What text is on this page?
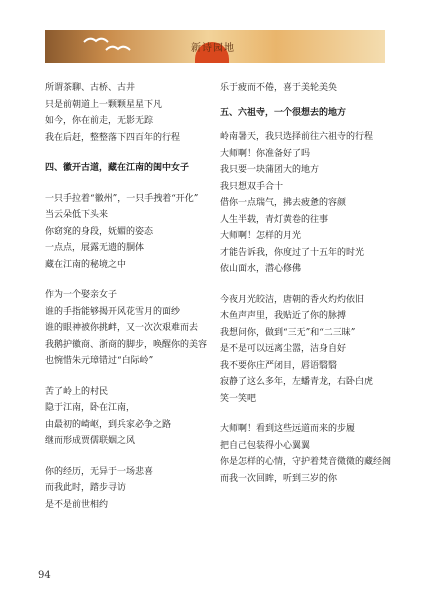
新诗园地
所谓茶聊、古桥、古井
只是前朝道上一颗颗星星下凡
如今，你在前走，无影无踪
我在后赶，整整落下四百年的行程
四、徽开古道，藏在江南的闺中女子
一只手拉着“徽州”，一只手拽着“开化”
当云朵低下头来
你窈窕的身段，妩媚的姿态
一点点，展露无遗的胴体
藏在江南的秘境之中
作为一个娶亲女子
谁的手指能够揭开风花雪月的面纱
谁的眼神被你挑衅，又一次次艰难而去
我鹅护徽商、浙商的脚步，唤醒你的美容
也惋惜朱元璋错过“白际岭”
苦了岭上的村民
隐于江南，卧在江南，
由最初的崎岖，到兵家必争之路
继而形成贾儒联姻之风
你的经历，无异于一场悲喜
而我此时，踏步寻访
是不是前世相约
乐于疲而不倦，喜于美轮美奂
五、六祖寺，一个很想去的地方
岭南暑天，我只选择前往六祖寺的行程
大师啊！你准备好了吗
我只要一块蒲团大的地方
我只想双手合十
借你一点瑞气，拂去疲惫的容颜
人生半载，青灯黄卷的往事
大师啊！怎样的月光
才能告诉我，你度过了十五年的时光
依山面水，潜心修佛
今夜月光皎洁，唐朝的香火灼灼依旧
木鱼声声里，我贴近了你的脉搏
我想问你，做到“三无”和“二三昧”
是不是可以远离尘嚣，洁身自好
我不要你庄严闭目，唇语翳翳
寂静了这么多年，左蟠青龙，右卧白虎
笑一笑吧
大师啊！看到这些远道而来的步履
把自己包装得小心翼翼
你是怎样的心情，守护着梵音微微的藏经阁
而我一次回眸，听到三岁的你
94
